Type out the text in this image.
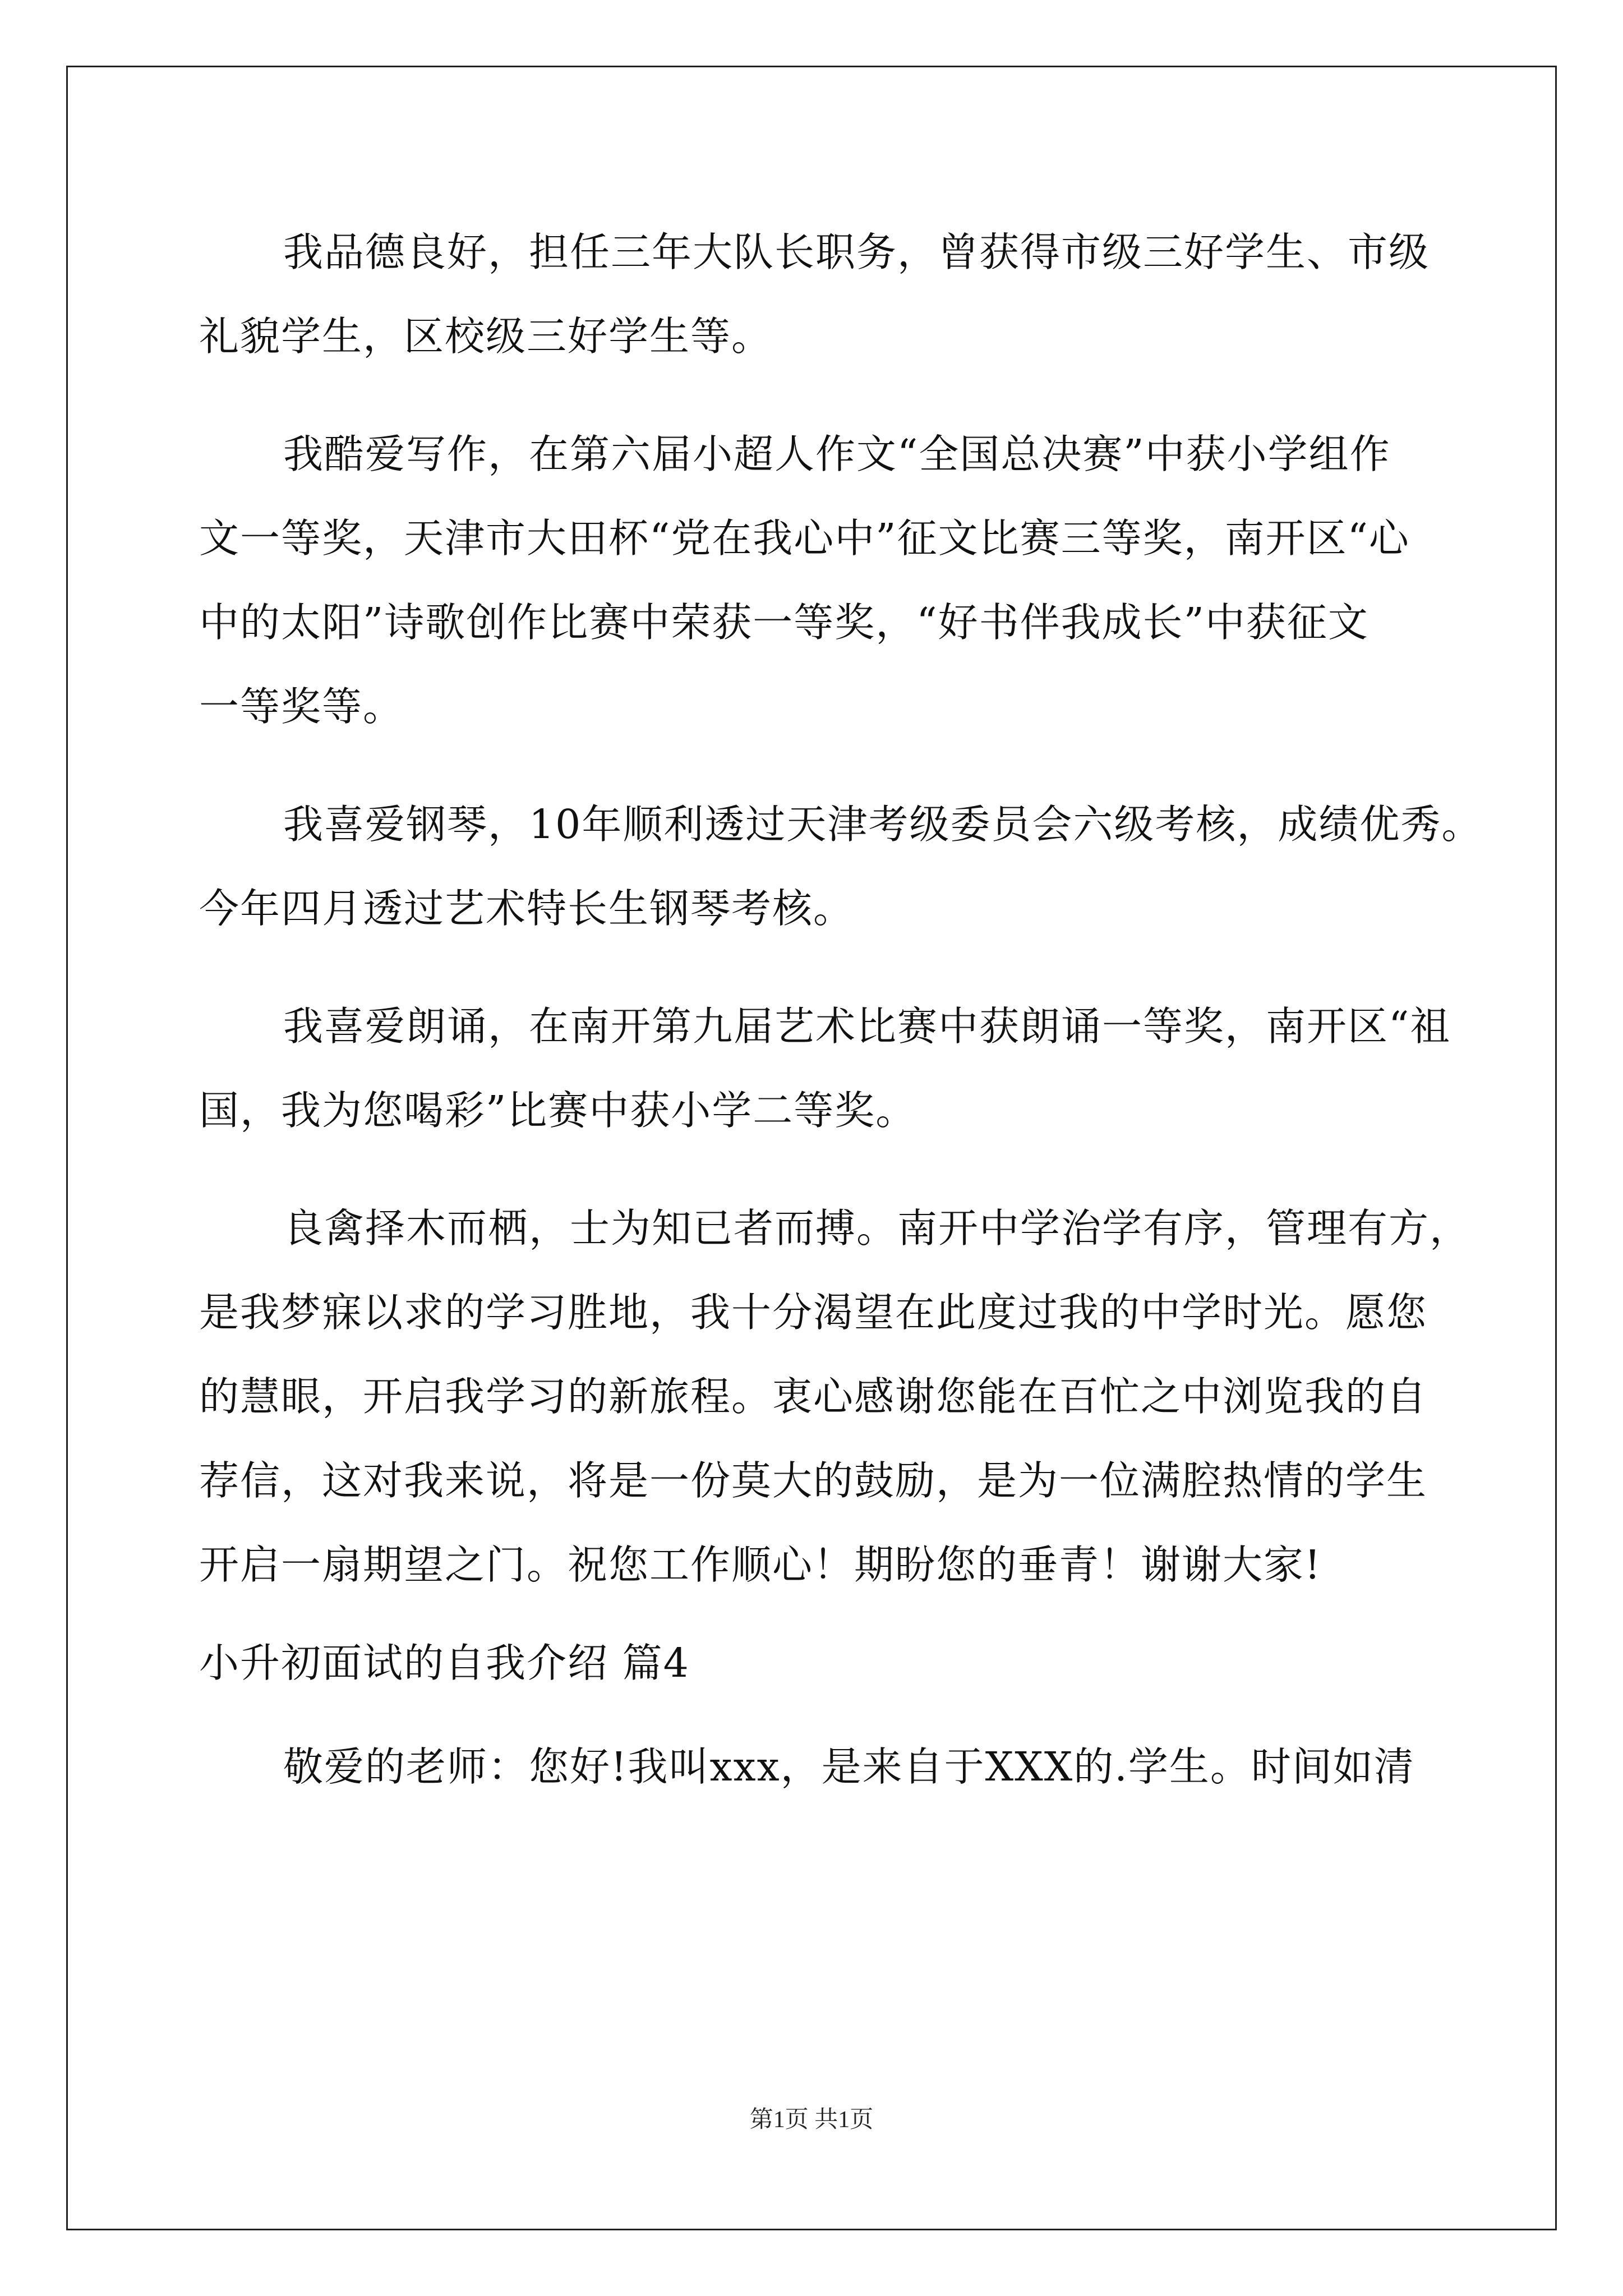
我品德良好，担任三年大队长职务，曾获得市级三好学生、市级
礼貌学生，区校级三好学生等。
我酷爱写作，在第六届小超人作文“全国总决赛”中获小学组作
文一等奖，天津市大田杯“党在我心中”征文比赛三等奖，南开区“心
中的太阳”诗歌创作比赛中荣获一等奖，“好书伴我成长”中获征文
一等奖等。
我喜爱钢琴，10年顺利透过天津考级委员会六级考核，成绩优秀。
今年四月透过艺术特长生钢琴考核。
我喜爱朗诵，在南开第九届艺术比赛中获朗诵一等奖，南开区“祖
国，我为您喝彩”比赛中获小学二等奖。
良禽择木而栖，士为知已者而搏。南开中学治学有序，管理有方，
是我梦寐以求的学习胜地，我十分渴望在此度过我的中学时光。愿您
的慧眼，开启我学习的新旅程。衷心感谢您能在百忙之中浏览我的自
荐信，这对我来说，将是一份莫大的鼓励，是为一位满腔热情的学生
开启一扇期望之门。祝您工作顺心！期盼您的垂青！谢谢大家!
小升初面试的自我介绍 篇4
敬爱的老师：您好!我叫xxx，是来自于XXX的.学生。时间如清
第1页 共1页
